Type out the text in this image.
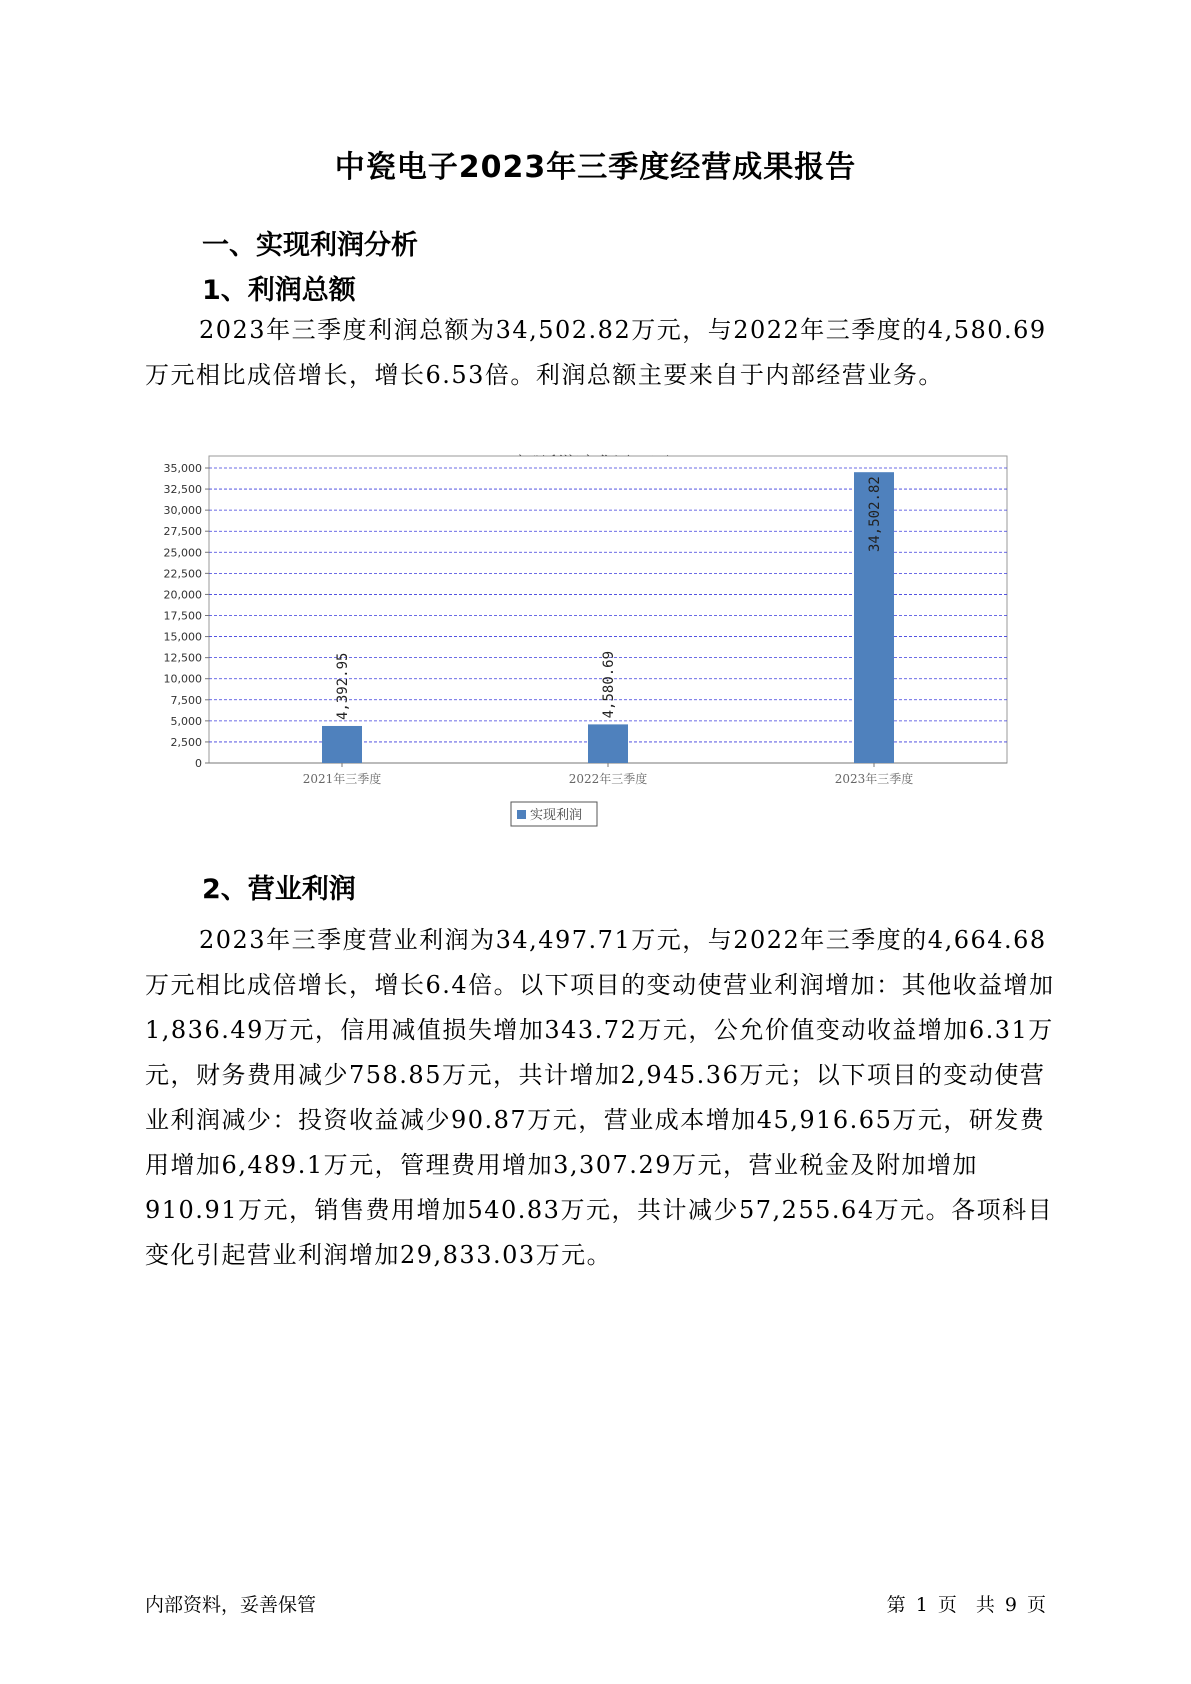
中瓷电子2023年三季度经营成果报告
一、实现利润分析
1、利润总额

2023年三季度利润总额为34,502.82万元，与2022年三季度的4,580.69万元相比成倍增长，增长6.53倍。利润总额主要来自于内部经营业务。

0
2,500
5,000
7,500
10,000
12,500
15,000
17,500
20,000
22,500
25,000
27,500
30,000
32,500
35,000
2021年三季度
4,392.95
2022年三季度
4,580.69
2023年三季度
34,502.82
实现利润
2、营业利润

2023年三季度营业利润为34,497.71万元，与2022年三季度的4,664.68万元相比成倍增长，增长6.4倍。以下项目的变动使营业利润增加：其他收益增加1,836.49万元，信用减值损失增加343.72万元，公允价值变动收益增加6.31万元，财务费用减少758.85万元，共计增加2,945.36万元；以下项目的变动使营业利润减少：投资收益减少90.87万元，营业成本增加45,916.65万元，研发费用增加6,489.1万元，管理费用增加3,307.29万元，营业税金及附加增加910.91万元，销售费用增加540.83万元，共计减少57,255.64万元。各项科目变化引起营业利润增加29,833.03万元。

内部资料，妥善保管	第 1 页　共 9 页
